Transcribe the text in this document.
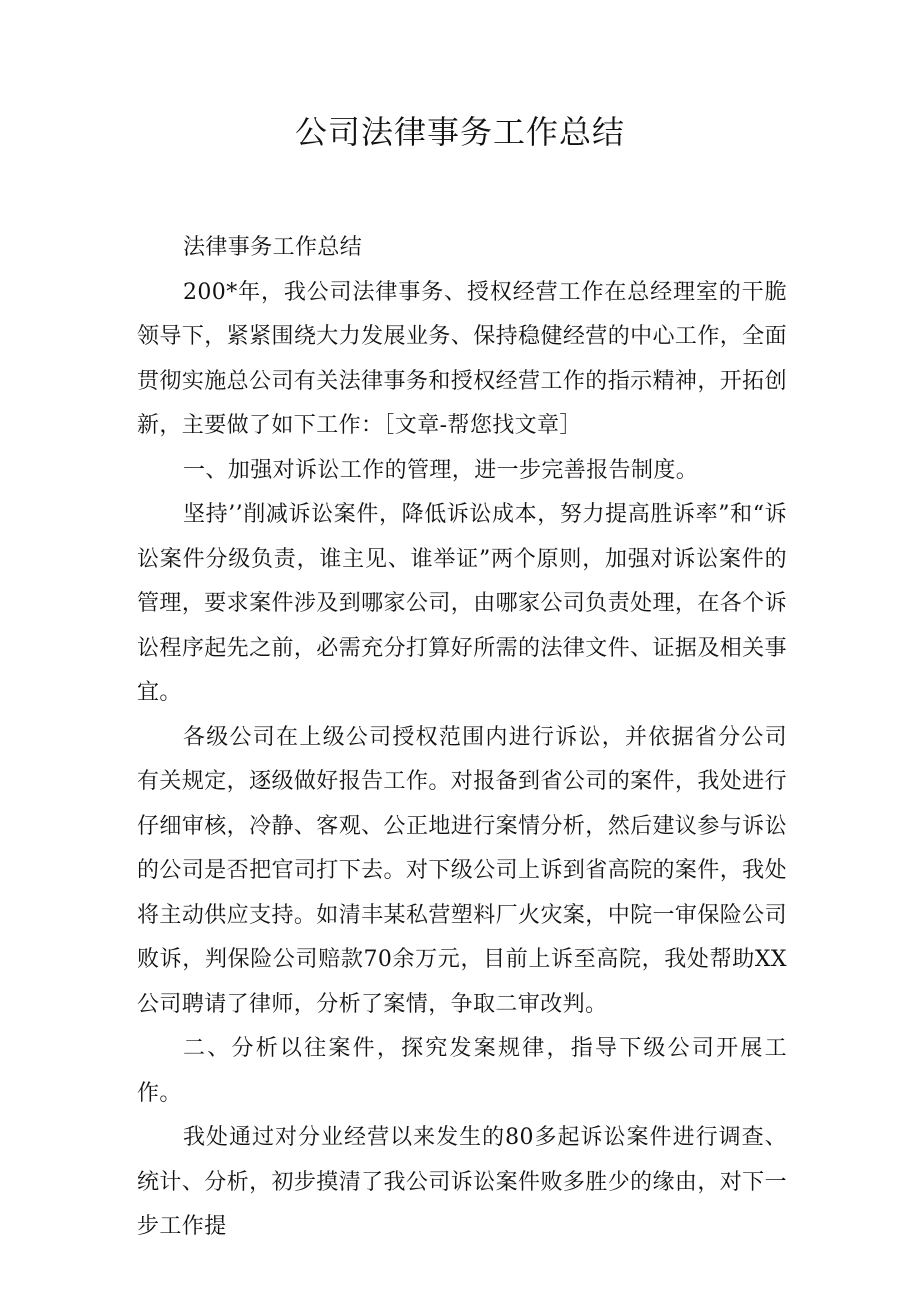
公司法律事务工作总结

法律事务工作总结

200*年，我公司法律事务、授权经营工作在总经理室的干脆领导下，紧紧围绕大力发展业务、保持稳健经营的中心工作，全面贯彻实施总公司有关法律事务和授权经营工作的指示精神，开拓创新，主要做了如下工作：［文章-帮您找文章］

一、加强对诉讼工作的管理，进一步完善报告制度。

坚持’’削减诉讼案件，降低诉讼成本，努力提高胜诉率”和“诉讼案件分级负责，谁主见、谁举证”两个原则，加强对诉讼案件的管理，要求案件涉及到哪家公司，由哪家公司负责处理，在各个诉讼程序起先之前，必需充分打算好所需的法律文件、证据及相关事宜。

各级公司在上级公司授权范围内进行诉讼，并依据省分公司有关规定，逐级做好报告工作。对报备到省公司的案件，我处进行仔细审核，冷静、客观、公正地进行案情分析，然后建议参与诉讼的公司是否把官司打下去。对下级公司上诉到省高院的案件，我处将主动供应支持。如清丰某私营塑料厂火灾案，中院一审保险公司败诉，判保险公司赔款70余万元，目前上诉至高院，我处帮助XX公司聘请了律师，分析了案情，争取二审改判。

二、分析以往案件，探究发案规律，指导下级公司开展工作。

我处通过对分业经营以来发生的80多起诉讼案件进行调查、统计、分析，初步摸清了我公司诉讼案件败多胜少的缘由，对下一步工作提
